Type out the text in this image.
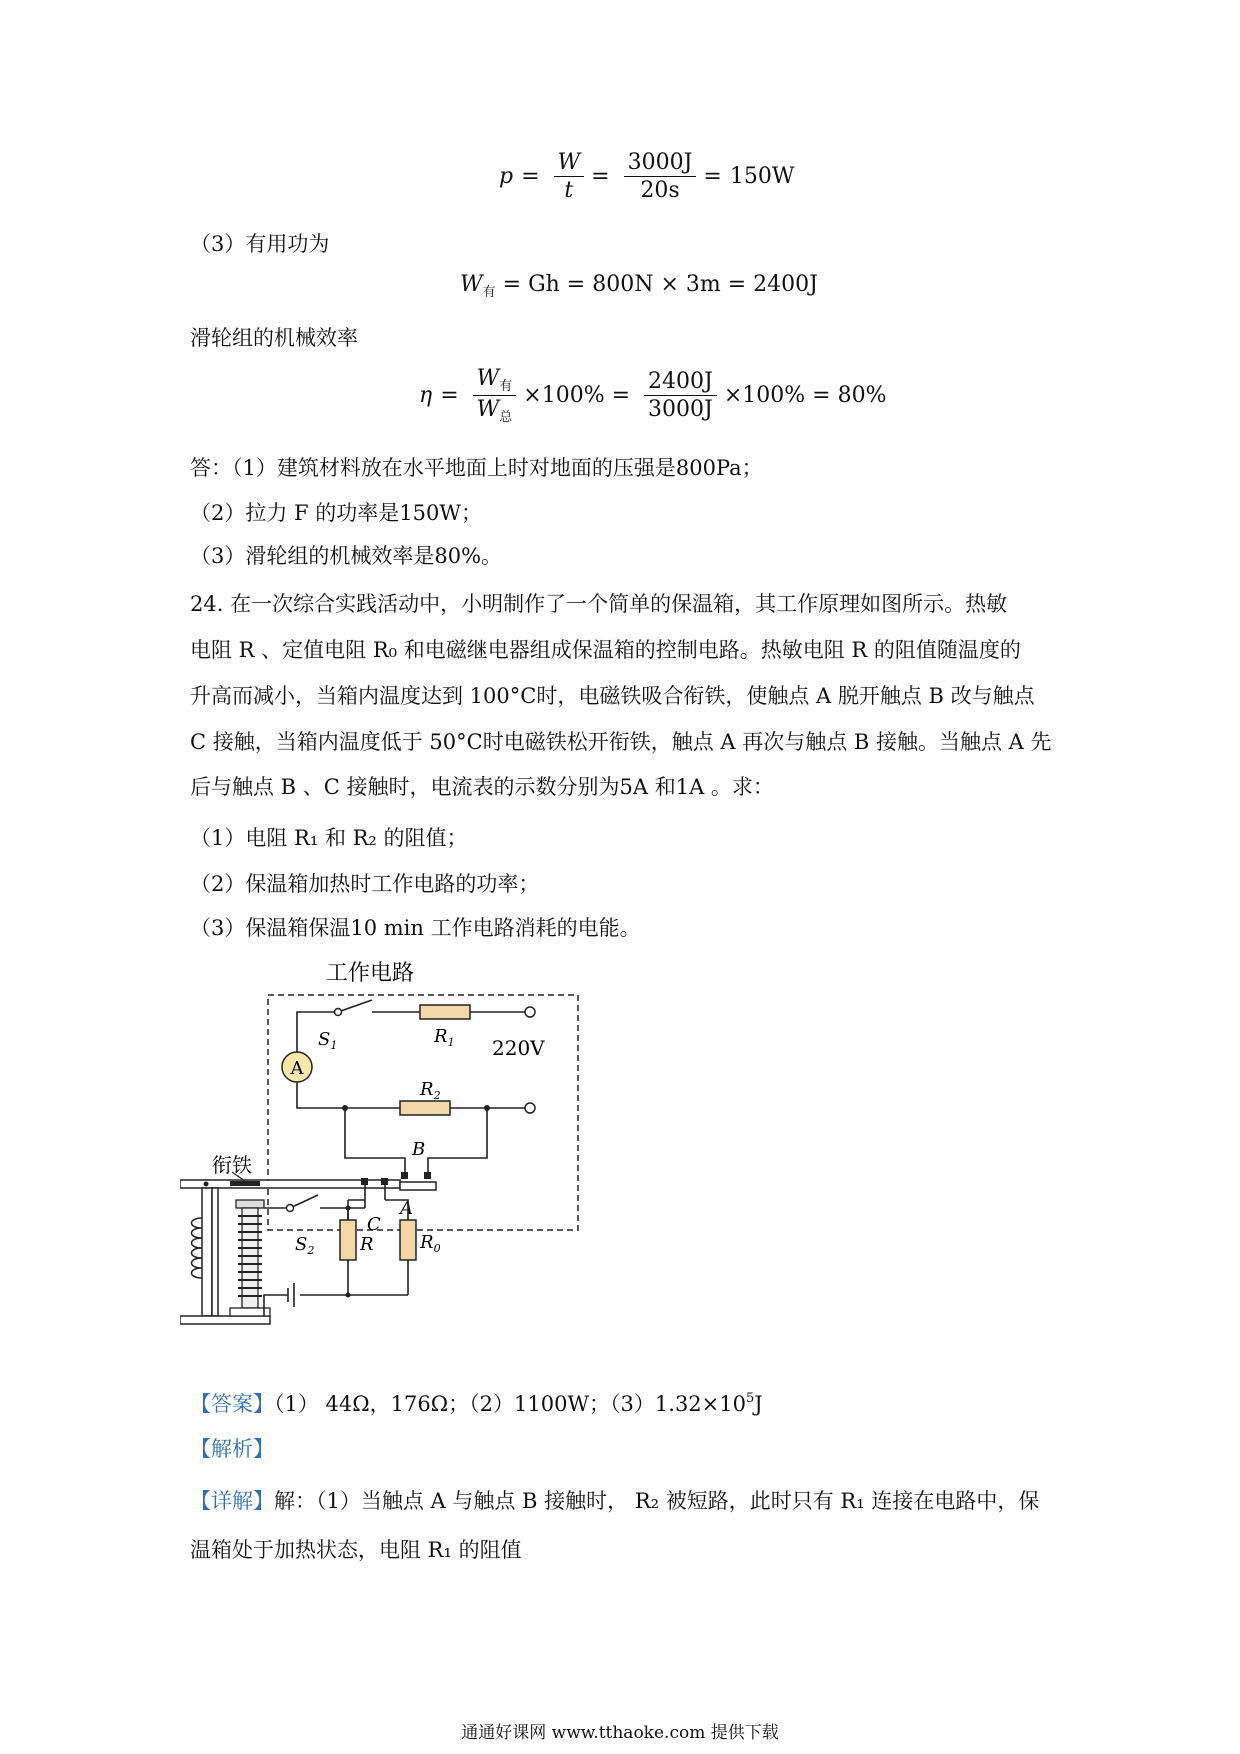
$p = \frac{W}{t} = \frac{3000J}{20s} = 150W$
（3）有用功为
$W_有 = Gh = 800N \times 3m = 2400J$
滑轮组的机械效率
$\eta = \frac{W_有}{W_总} \times 100\% = \frac{2400J}{3000J} \times 100\% = 80\%$
答：（1）建筑材料放在水平地面上时对地面的压强是800Pa；
（2）拉力 F 的功率是150W；
（3）滑轮组的机械效率是80%。
24. 在一次综合实践活动中，小明制作了一个简单的保温箱，其工作原理如图所示。热敏
电阻 R 、定值电阻 R₀ 和电磁继电器组成保温箱的控制电路。热敏电阻 R 的阻值随温度的
升高而减小，当箱内温度达到 100°C时，电磁铁吸合衔铁，使触点 A 脱开触点 B 改与触点
C 接触，当箱内温度低于 50°C时电磁铁松开衔铁，触点 A 再次与触点 B 接触。当触点 A 先
后与触点 B 、C 接触时，电流表的示数分别为5A 和1A 。求：
（1）电阻 R₁ 和 R₂ 的阻值；
（2）保温箱加热时工作电路的功率；
（3）保温箱保温10 min 工作电路消耗的电能。
工作电路
A
$S_1$	$R_1$ 220V
$R_2$
B
衔铁
A
C
$S_2$	R	$R_0$
【答案】（1） 44Ω，176Ω；（2）1100W；$(3)1.32\times 10^5J$
【解析】
【详解】解：（1）当触点 A 与触点 B 接触时， R₂ 被短路，此时只有 R₁ 连接在电路中，保
温箱处于加热状态，电阻 R₁ 的阻值
通通好课网 www.tthaoke.com 提供下载
